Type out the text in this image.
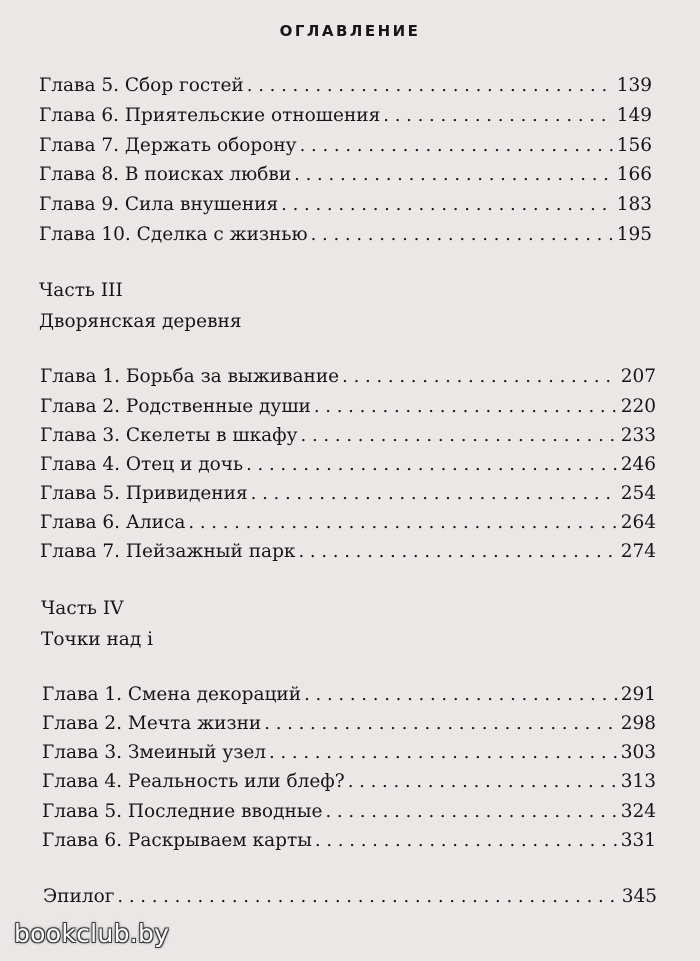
ОГЛАВЛЕНИЕ
Глава 5. Сбор гостей . . .	139
Глава 6. Приятельские отношения . . .	149
Глава 7. Держать оборону . . .	156
Глава 8. В поисках любви . . .	166
Глава 9. Сила внушения . . .	183
Глава 10. Сделка с жизнью . . .	195
Часть III
Дворянская деревня
Глава 1. Борьба за выживание . . .	207
Глава 2. Родственные души . . .	220
Глава 3. Скелеты в шкафу . . .	233
Глава 4. Отец и дочь . . .	246
Глава 5. Привидения . . .	254
Глава 6. Алиса . . .	264
Глава 7. Пейзажный парк . . .	274
Часть IV
Точки над i
Глава 1. Смена декораций . . .	291
Глава 2. Мечта жизни . . .	298
Глава 3. Змеиный узел . . .	303
Глава 4. Реальность или блеф? . . .	313
Глава 5. Последние вводные . . .	324
Глава 6. Раскрываем карты . . .	331
Эпилог . . .	345
bookclub.by
